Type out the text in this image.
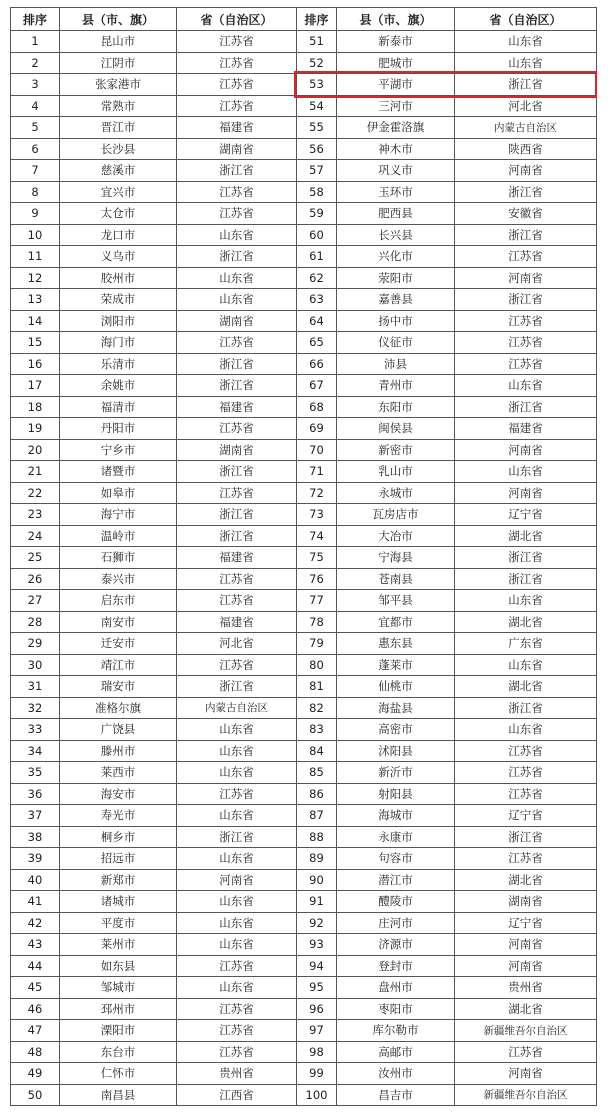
排序	县（市、旗）	省（自治区）	排序	县（市、旗）	省（自治区）
1	昆山市	江苏省	51	新泰市	山东省
2	江阴市	江苏省	52	肥城市	山东省
3	张家港市	江苏省	53	平湖市	浙江省
4	常熟市	江苏省	54	三河市	河北省
5	晋江市	福建省	55	伊金霍洛旗	内蒙古自治区
6	长沙县	湖南省	56	神木市	陕西省
7	慈溪市	浙江省	57	巩义市	河南省
8	宜兴市	江苏省	58	玉环市	浙江省
9	太仓市	江苏省	59	肥西县	安徽省
10	龙口市	山东省	60	长兴县	浙江省
11	义乌市	浙江省	61	兴化市	江苏省
12	胶州市	山东省	62	荥阳市	河南省
13	荣成市	山东省	63	嘉善县	浙江省
14	浏阳市	湖南省	64	扬中市	江苏省
15	海门市	江苏省	65	仪征市	江苏省
16	乐清市	浙江省	66	沛县	江苏省
17	余姚市	浙江省	67	青州市	山东省
18	福清市	福建省	68	东阳市	浙江省
19	丹阳市	江苏省	69	闽侯县	福建省
20	宁乡市	湖南省	70	新密市	河南省
21	诸暨市	浙江省	71	乳山市	山东省
22	如皋市	江苏省	72	永城市	河南省
23	海宁市	浙江省	73	瓦房店市	辽宁省
24	温岭市	浙江省	74	大冶市	湖北省
25	石狮市	福建省	75	宁海县	浙江省
26	泰兴市	江苏省	76	苍南县	浙江省
27	启东市	江苏省	77	邹平县	山东省
28	南安市	福建省	78	宜都市	湖北省
29	迁安市	河北省	79	惠东县	广东省
30	靖江市	江苏省	80	蓬莱市	山东省
31	瑞安市	浙江省	81	仙桃市	湖北省
32	准格尔旗	内蒙古自治区	82	海盐县	浙江省
33	广饶县	山东省	83	高密市	山东省
34	滕州市	山东省	84	沭阳县	江苏省
35	莱西市	山东省	85	新沂市	江苏省
36	海安市	江苏省	86	射阳县	江苏省
37	寿光市	山东省	87	海城市	辽宁省
38	桐乡市	浙江省	88	永康市	浙江省
39	招远市	山东省	89	句容市	江苏省
40	新郑市	河南省	90	潜江市	湖北省
41	诸城市	山东省	91	醴陵市	湖南省
42	平度市	山东省	92	庄河市	辽宁省
43	莱州市	山东省	93	济源市	河南省
44	如东县	江苏省	94	登封市	河南省
45	邹城市	山东省	95	盘州市	贵州省
46	邳州市	江苏省	96	枣阳市	湖北省
47	溧阳市	江苏省	97	库尔勒市	新疆维吾尔自治区
48	东台市	江苏省	98	高邮市	江苏省
49	仁怀市	贵州省	99	汝州市	河南省
50	南昌县	江西省	100	昌吉市	新疆维吾尔自治区
